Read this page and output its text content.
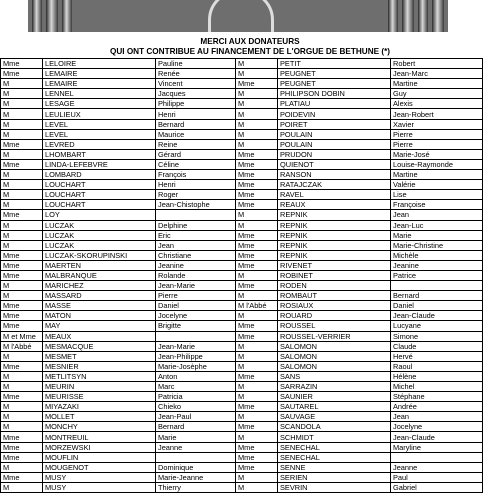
MERCI AUX DONATEURS
QUI ONT CONTRIBUE AU FINANCEMENT DE L'ORGUE DE BETHUNE (*)
Mme	LELOIRE	Pauline	M	PETIT	Robert
Mme	LEMAIRE	Renée	M	PEUGNET	Jean-Marc
M	LEMAIRE	Vincent	Mme	PEUGNET	Martine
M	LENNEL	Jacques	M	PHILIPSON DOBIN	Guy
M	LESAGE	Philippe	M	PLATIAU	Alexis
M	LEULIEUX	Henri	M	POIDEVIN	Jean-Robert
M	LEVEL	Bernard	M	POIRET	Xavier
M	LEVEL	Maurice	M	POULAIN	Pierre
Mme	LEVRED	Reine	M	POULAIN	Pierre
M	LHOMBART	Gérard	Mme	PRUDON	Marie-José
Mme	LINDA-LEFEBVRE	Céline	Mme	QUIENOT	Louise-Raymonde
M	LOMBARD	François	Mme	RANSON	Martine
M	LOUCHART	Henri	Mme	RATAJCZAK	Valérie
M	LOUCHART	Roger	Mme	RAVEL	Lise
M	LOUCHART	Jean-Chistophe	Mme	REAUX	Françoise
Mme	LOY		M	REPNIK	Jean
M	LUCZAK	Delphine	M	REPNIK	Jean-Luc
M	LUCZAK	Eric	Mme	REPNIK	Marie
M	LUCZAK	Jean	Mme	REPNIK	Marie-Christine
Mme	LUCZAK-SKORUPINSKI	Christiane	Mme	REPNIK	Michèle
Mme	MAERTEN	Jeanine	Mme	RIVENET	Jeanine
Mme	MALBRANQUE	Rolande	M	ROBINET	Patrice
M	MARICHEZ	Jean-Marie	Mme	RODEN	
M	MASSARD	Pierre	M	ROMBAUT	Bernard
Mme	MASSE	Daniel	M l'Abbé	ROSIAUX	Daniel
Mme	MATON	Jocelyne	M	ROUARD	Jean-Claude
Mme	MAY	Brigitte	Mme	ROUSSEL	Lucyane
M et Mme	MEAUX		Mme	ROUSSEL-VERRIER	Simone
M l'Abbé	MESMACQUE	Jean-Marie	M	SALOMON	Claude
M	MESMET	Jean-Philippe	M	SALOMON	Hervé
Mme	MESNIER	Marie-Josèphe	M	SALOMON	Raoul
M	METLITSYN	Anton	Mme	SANS	Hélène
M	MEURIN	Marc	M	SARRAZIN	Michel
Mme	MEURISSE	Patricia	M	SAUNIER	Stéphane
M	MIYAZAKI	Chieko	Mme	SAUTAREL	Andrée
M	MOLLET	Jean-Paul	M	SAUVAGE	Jean
M	MONCHY	Bernard	Mme	SCANDOLA	Jocelyne
Mme	MONTREUIL	Marie	M	SCHMIDT	Jean-Claude
Mme	MORZEWSKI	Jeanne	Mme	SENECHAL	Maryline
Mme	MOUFLIN		Mme	SENECHAL	
M	MOUGENOT	Dominique	Mme	SENNE	Jeanne
Mme	MUSY	Marie-Jeanne	M	SERIEN	Paul
M	MUSY	Thierry	M	SEVRIN	Gabriel
